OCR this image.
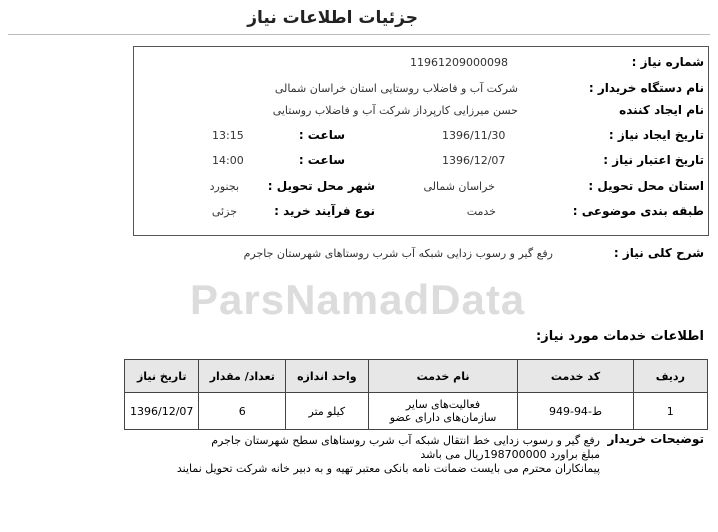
جزئیات اطلاعات نیاز
ParsNamadData
شماره نیاز :
11961209000098
نام دستگاه خریدار :
شرکت آب و فاضلاب روستایی استان خراسان شمالی
نام ایجاد کننده
حسن میرزایی کارپرداز شرکت آب و فاضلاب روستایی
تاریخ ایجاد نیاز :
1396/11/30
ساعت :
13:15
تاریخ اعتبار نیاز :
1396/12/07
ساعت :
14:00
استان محل تحویل :
خراسان شمالی
شهر محل تحویل :
بجنورد
طبقه بندی موضوعی :
خدمت
نوع فرآیند خرید :
جزئی
شرح کلی نیاز :
رفع گیر و رسوب زدایی شبکه آب شرب روستاهای شهرستان جاجرم
اطلاعات خدمات مورد نیاز:
ردیف	کد خدمت	نام خدمت	واحد اندازه	تعداد/ مقدار	تاریخ نیاز
1	ط-94-949	فعالیت‌های سایر
سازمان‌های دارای عضو	کیلو متر	6	1396/12/07
توضیحات خریدار
رفع گیر و رسوب زدایی خط انتقال شبکه آب شرب روستاهای سطح شهرستان جاجرم
مبلغ براورد 198700000ریال می باشد
پیمانکاران محترم می بایست ضمانت نامه بانکی معتبر تهیه و به دبیر خانه شرکت تحویل نمایند
